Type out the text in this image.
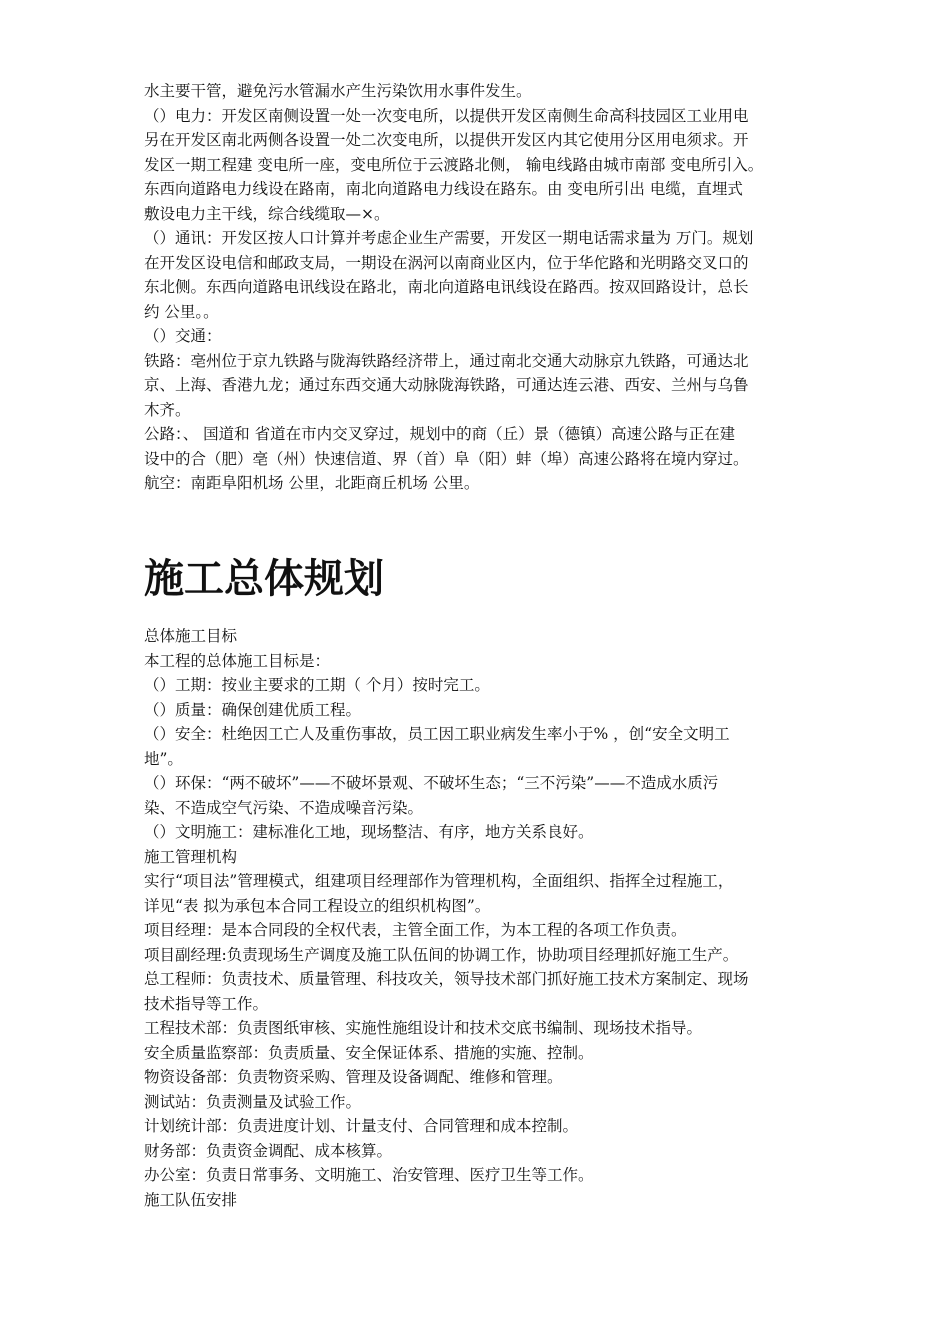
水主要干管，避免污水管漏水产生污染饮用水事件发生。

（）电力：开发区南侧设置一处一次变电所，以提供开发区南侧生命高科技园区工业用电

另在开发区南北两侧各设置一处二次变电所，以提供开发区内其它使用分区用电须求。开

发区一期工程建 变电所一座，变电所位于云渡路北侧， 输电线路由城市南部 变电所引入。

东西向道路电力线设在路南，南北向道路电力线设在路东。由 变电所引出 电缆，直埋式

敷设电力主干线，综合线缆取—×。

（）通讯：开发区按人口计算并考虑企业生产需要，开发区一期电话需求量为 万门。规划

在开发区设电信和邮政支局，一期设在涡河以南商业区内，位于华佗路和光明路交叉口的

东北侧。东西向道路电讯线设在路北，南北向道路电讯线设在路西。按双回路设计，总长

约 公里。。

（）交通：

铁路：亳州位于京九铁路与陇海铁路经济带上，通过南北交通大动脉京九铁路，可通达北

京、上海、香港九龙；通过东西交通大动脉陇海铁路，可通达连云港、西安、兰州与乌鲁

木齐。

公路：、 国道和 省道在市内交叉穿过，规划中的商（丘）景（德镇）高速公路与正在建

设中的合（肥）亳（州）快速信道、界（首）阜（阳）蚌（埠）高速公路将在境内穿过。

航空：南距阜阳机场 公里，北距商丘机场 公里。

施工总体规划

总体施工目标

本工程的总体施工目标是：

（）工期：按业主要求的工期（ 个月）按时完工。

（）质量：确保创建优质工程。

（）安全：杜绝因工亡人及重伤事故，员工因工职业病发生率小于% ，创“安全文明工

地”。

（）环保：“两不破坏”——不破坏景观、不破坏生态；“三不污染”——不造成水质污

染、不造成空气污染、不造成噪音污染。

（）文明施工：建标准化工地，现场整洁、有序，地方关系良好。

施工管理机构

实行“项目法”管理模式，组建项目经理部作为管理机构，全面组织、指挥全过程施工，

详见“表 拟为承包本合同工程设立的组织机构图”。

项目经理：是本合同段的全权代表，主管全面工作，为本工程的各项工作负责。

项目副经理:负责现场生产调度及施工队伍间的协调工作，协助项目经理抓好施工生产。

总工程师：负责技术、质量管理、科技攻关，领导技术部门抓好施工技术方案制定、现场

技术指导等工作。

工程技术部：负责图纸审核、实施性施组设计和技术交底书编制、现场技术指导。

安全质量监察部：负责质量、安全保证体系、措施的实施、控制。

物资设备部：负责物资采购、管理及设备调配、维修和管理。

测试站：负责测量及试验工作。

计划统计部：负责进度计划、计量支付、合同管理和成本控制。

财务部：负责资金调配、成本核算。

办公室：负责日常事务、文明施工、治安管理、医疗卫生等工作。

施工队伍安排
